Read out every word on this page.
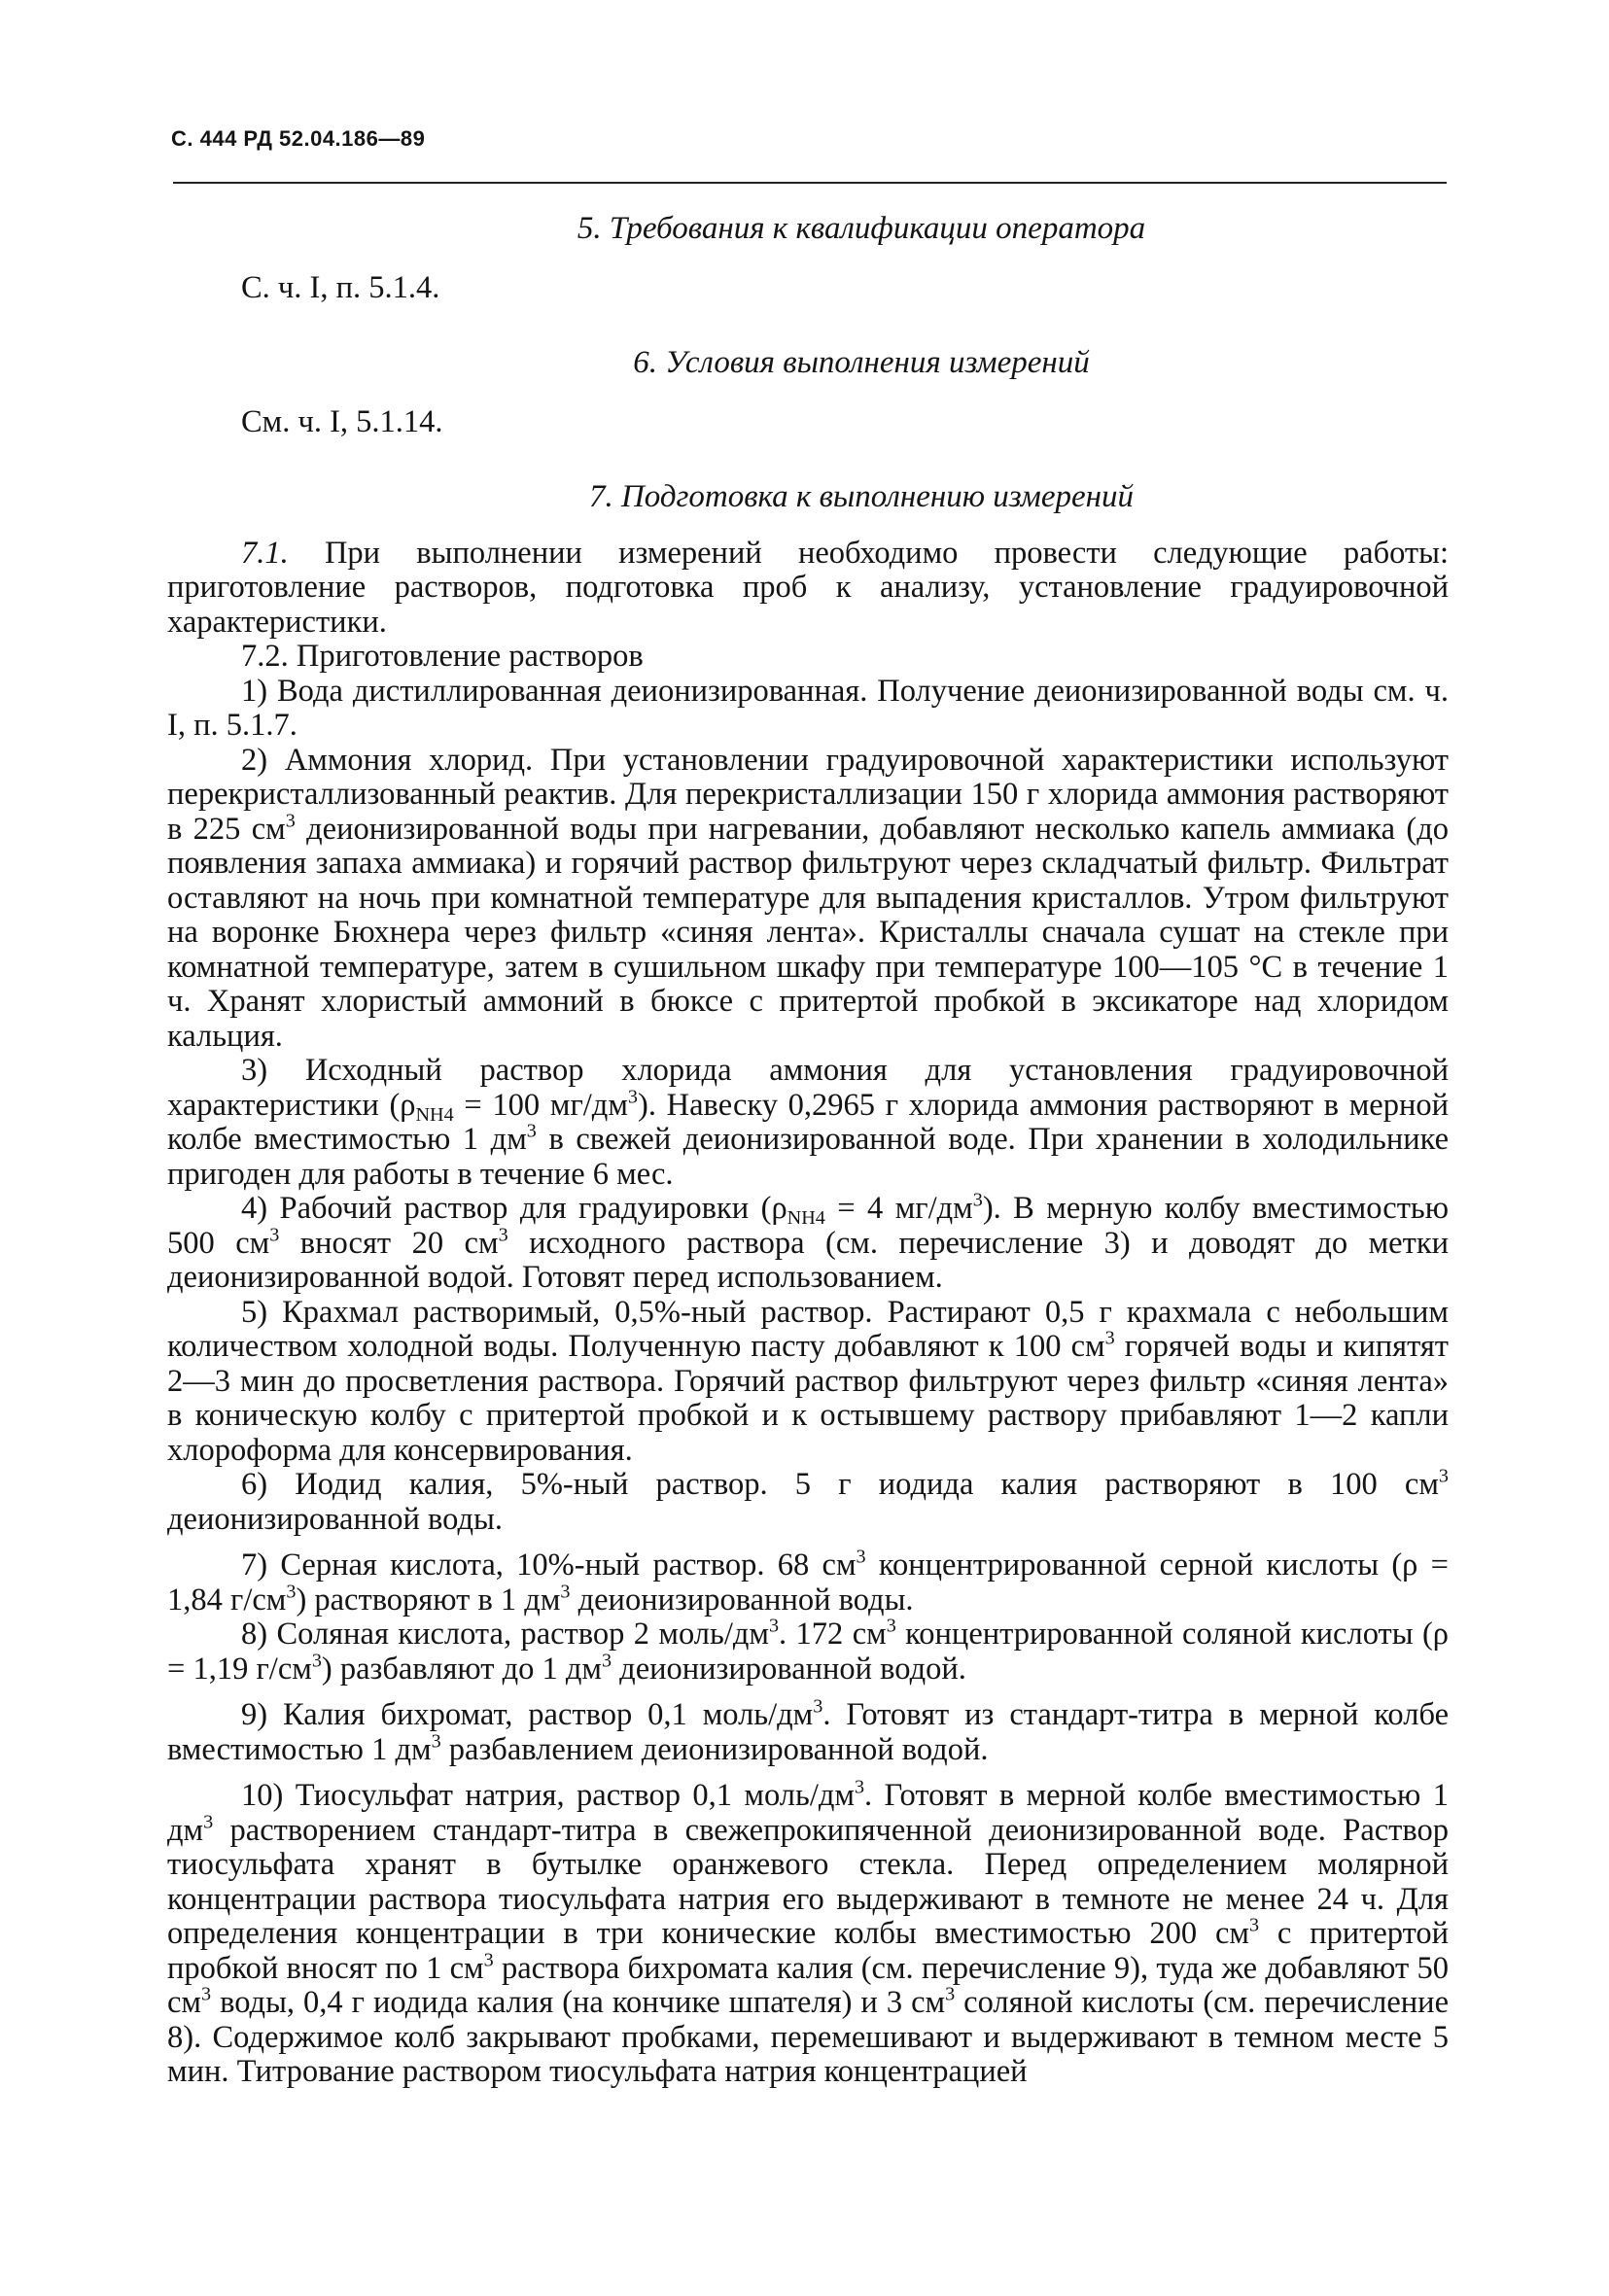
С. 444 РД 52.04.186—89

5. Требования к квалификации оператора

С. ч. I, п. 5.1.4.

6. Условия выполнения измерений

См. ч. I, 5.1.14.

7. Подготовка к выполнению измерений

7.1. При выполнении измерений необходимо провести следующие работы: приготовление растворов, подготовка проб к анализу, установление градуировочной характеристики.

7.2. Приготовление растворов

1) Вода дистиллированная деионизированная. Получение деионизированной воды см. ч. I, п. 5.1.7.

2) Аммония хлорид. При установлении градуировочной характеристики используют перекристаллизованный реактив. Для перекристаллизации 150 г хлорида аммония растворяют в 225 $см^3$ деионизированной воды при нагревании, добавляют несколько капель аммиака (до появления запаха аммиака) и горячий раствор фильтруют через складчатый фильтр. Фильтрат оставляют на ночь при комнатной температуре для выпадения кристаллов. Утром фильтруют на воронке Бюхнера через фильтр «синяя лента». Кристаллы сначала сушат на стекле при комнатной температуре, затем в сушильном шкафу при температуре 100—105 °С в течение 1 ч. Хранят хлористый аммоний в бюксе с притертой пробкой в эксикаторе над хлоридом кальция.

3) Исходный раствор хлорида аммония для установления градуировочной характеристики ($\rho_{NH4} = 100$ $мг/дм^3$). Навеску 0,2965 г хлорида аммония растворяют в мерной колбе вместимостью 1 $дм^3$ в свежей деионизированной воде. При хранении в холодильнике пригоден для работы в течение 6 мес.

4) Рабочий раствор для градуировки ($\rho_{NH4} = 4$ $мг/дм^3$). В мерную колбу вместимостью 500 $см^3$ вносят 20 $см^3$ исходного раствора (см. перечисление 3) и доводят до метки деионизированной водой. Готовят перед использованием.

5) Крахмал растворимый, 0,5%-ный раствор. Растирают 0,5 г крахмала с небольшим количеством холодной воды. Полученную пасту добавляют к 100 $см^3$ горячей воды и кипятят 2—3 мин до просветления раствора. Горячий раствор фильтруют через фильтр «синяя лента» в коническую колбу с притертой пробкой и к остывшему раствору прибавляют 1—2 капли хлороформа для консервирования.

6) Иодид калия, 5%-ный раствор. 5 г иодида калия растворяют в 100 $см^3$ деионизированной воды.

7) Серная кислота, 10%-ный раствор. 68 $см^3$ концентрированной серной кислоты (ρ = 1,84 $г/см^3$) растворяют в 1 $дм^3$ деионизированной воды.

8) Соляная кислота, раствор 2 моль/$дм^3$. 172 $см^3$ концентрированной соляной кислоты (ρ = 1,19 $г/см^3$) разбавляют до 1 $дм^3$ деионизированной водой.

9) Калия бихромат, раствор 0,1 моль/$дм^3$. Готовят из стандарт-титра в мерной колбе вместимостью 1 $дм^3$ разбавлением деионизированной водой.

10) Тиосульфат натрия, раствор 0,1 моль/$дм^3$. Готовят в мерной колбе вместимостью 1 $дм^3$ растворением стандарт-титра в свежепрокипяченной деионизированной воде. Раствор тиосульфата хранят в бутылке оранжевого стекла. Перед определением молярной концентрации раствора тиосульфата натрия его выдерживают в темноте не менее 24 ч. Для определения концентрации в три конические колбы вместимостью 200 $см^3$ с притертой пробкой вносят по 1 $см^3$ раствора бихромата калия (см. перечисление 9), туда же добавляют 50 $см^3$ воды, 0,4 г иодида калия (на кончике шпателя) и 3 $см^3$ соляной кислоты (см. перечисление 8). Содержимое колб закрывают пробками, перемешивают и выдерживают в темном месте 5 мин. Титрование раствором тиосульфата натрия концентрацией
